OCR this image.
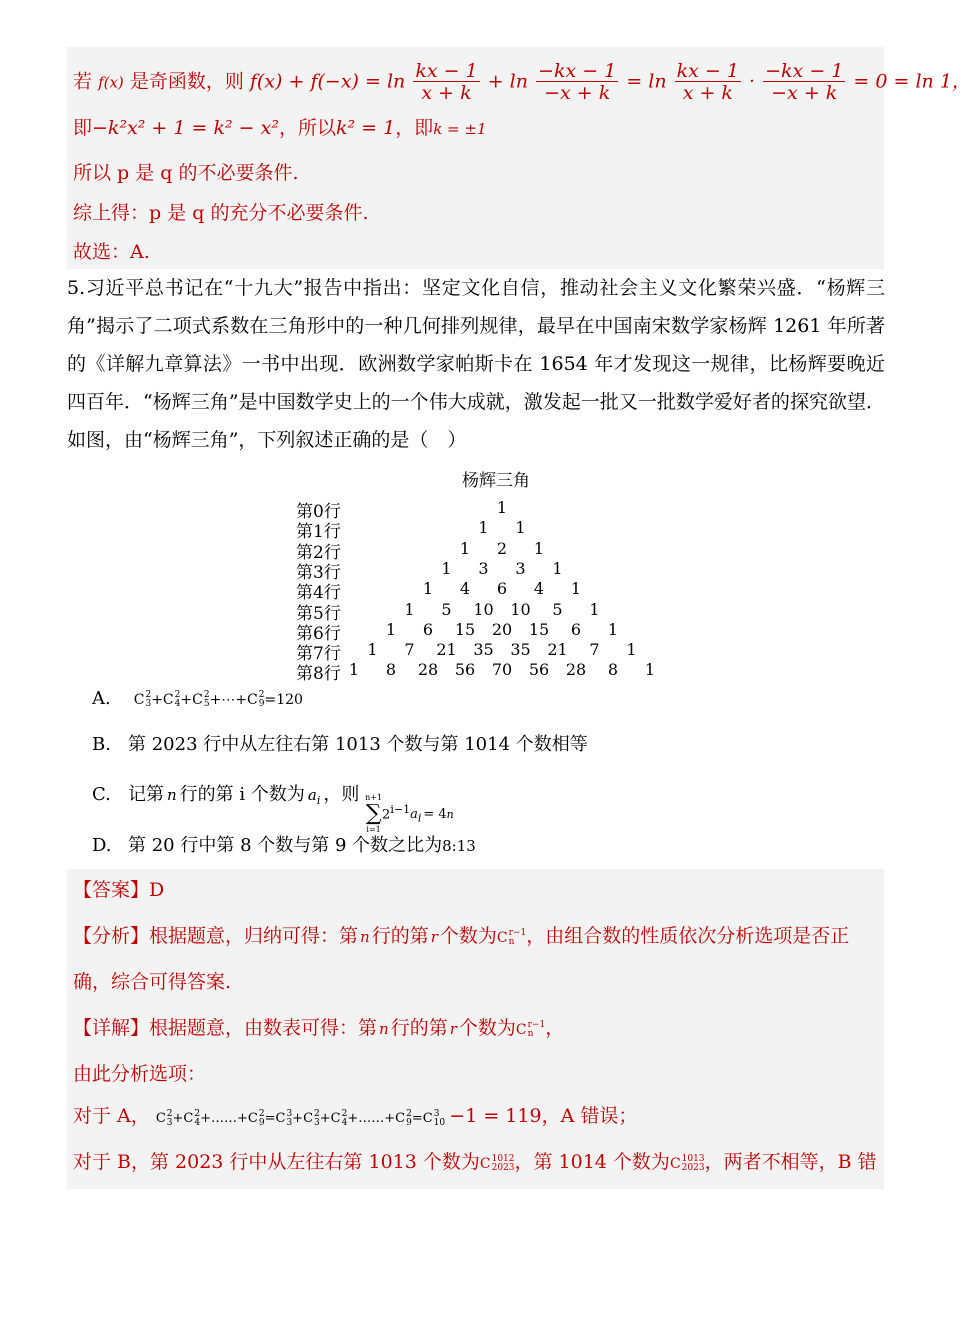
若 f(x) 是奇函数，则 $f(x) + f(-x) = \ln \frac{kx - 1}{x + k} + \ln \frac{-kx - 1}{-x + k} = \ln \frac{kx - 1}{x + k} \cdot \frac{-kx - 1}{-x + k} = 0 = \ln 1$，
即−k²x² + 1 = k² − x²，所以k² = 1，即k = ±1
所以 p 是 q 的不必要条件.
综上得：p 是 q 的充分不必要条件.
故选：A.
5.习近平总书记在“十九大”报告中指出：坚定文化自信，推动社会主义文化繁荣兴盛．“杨辉三角”揭示了二项式系数在三角形中的一种几何排列规律，最早在中国南宋数学家杨辉 1261 年所著的《详解九章算法》一书中出现．欧洲数学家帕斯卡在 1654 年才发现这一规律，比杨辉要晚近四百年．“杨辉三角”是中国数学史上的一个伟大成就，激发起一批又一批数学爱好者的探究欲望．如图，由“杨辉三角”，下列叙述正确的是（　）
杨辉三角
第0行	1
第1行	1	1
第2行	1	2	1
第3行	1	3	3	1
第4行	1	4	6	4	1
第5行	1	5	10	10	5	1
第6行	1	6	15	20	15	6	1
第7行	1	7	21	35	35	21	7	1
第8行 1	8	28	56	70	56	28	8	1
A. C 2
3 +C 2
4 +C 2
5 +⋯+C 2
9 =120
B. 第 2023 行中从左往右第 1013 个数与第 1014 个数相等
C. 记第 n 行的第 i 个数为 $a_i$ ，则 n+1
∑
i=1
$2^{i-1}a_i = 4$ n
D. 第 20 行中第 8 个数与第 9 个数之比为8:13
【答案】D
【分析】根据题意，归纳可得：第 n 行的第 r 个数为C r−1
n ，由组合数的性质依次分析选项是否正
确，综合可得答案.
【详解】根据题意，由数表可得：第 n 行的第 r 个数为C r−1
n ，
由此分析选项：
对于 A， C 2
3 +C 2
4 +……+C 2
9 =C 3
3 +C 2
3 +C 2
4 +……+C 2
9 =C 3
10 −1 = 119，A 错误；
对于 B，第 2023 行中从左往右第 1013 个数为C 1012
2023 ，第 1014 个数为C 1013
2023 ，两者不相等，B 错
